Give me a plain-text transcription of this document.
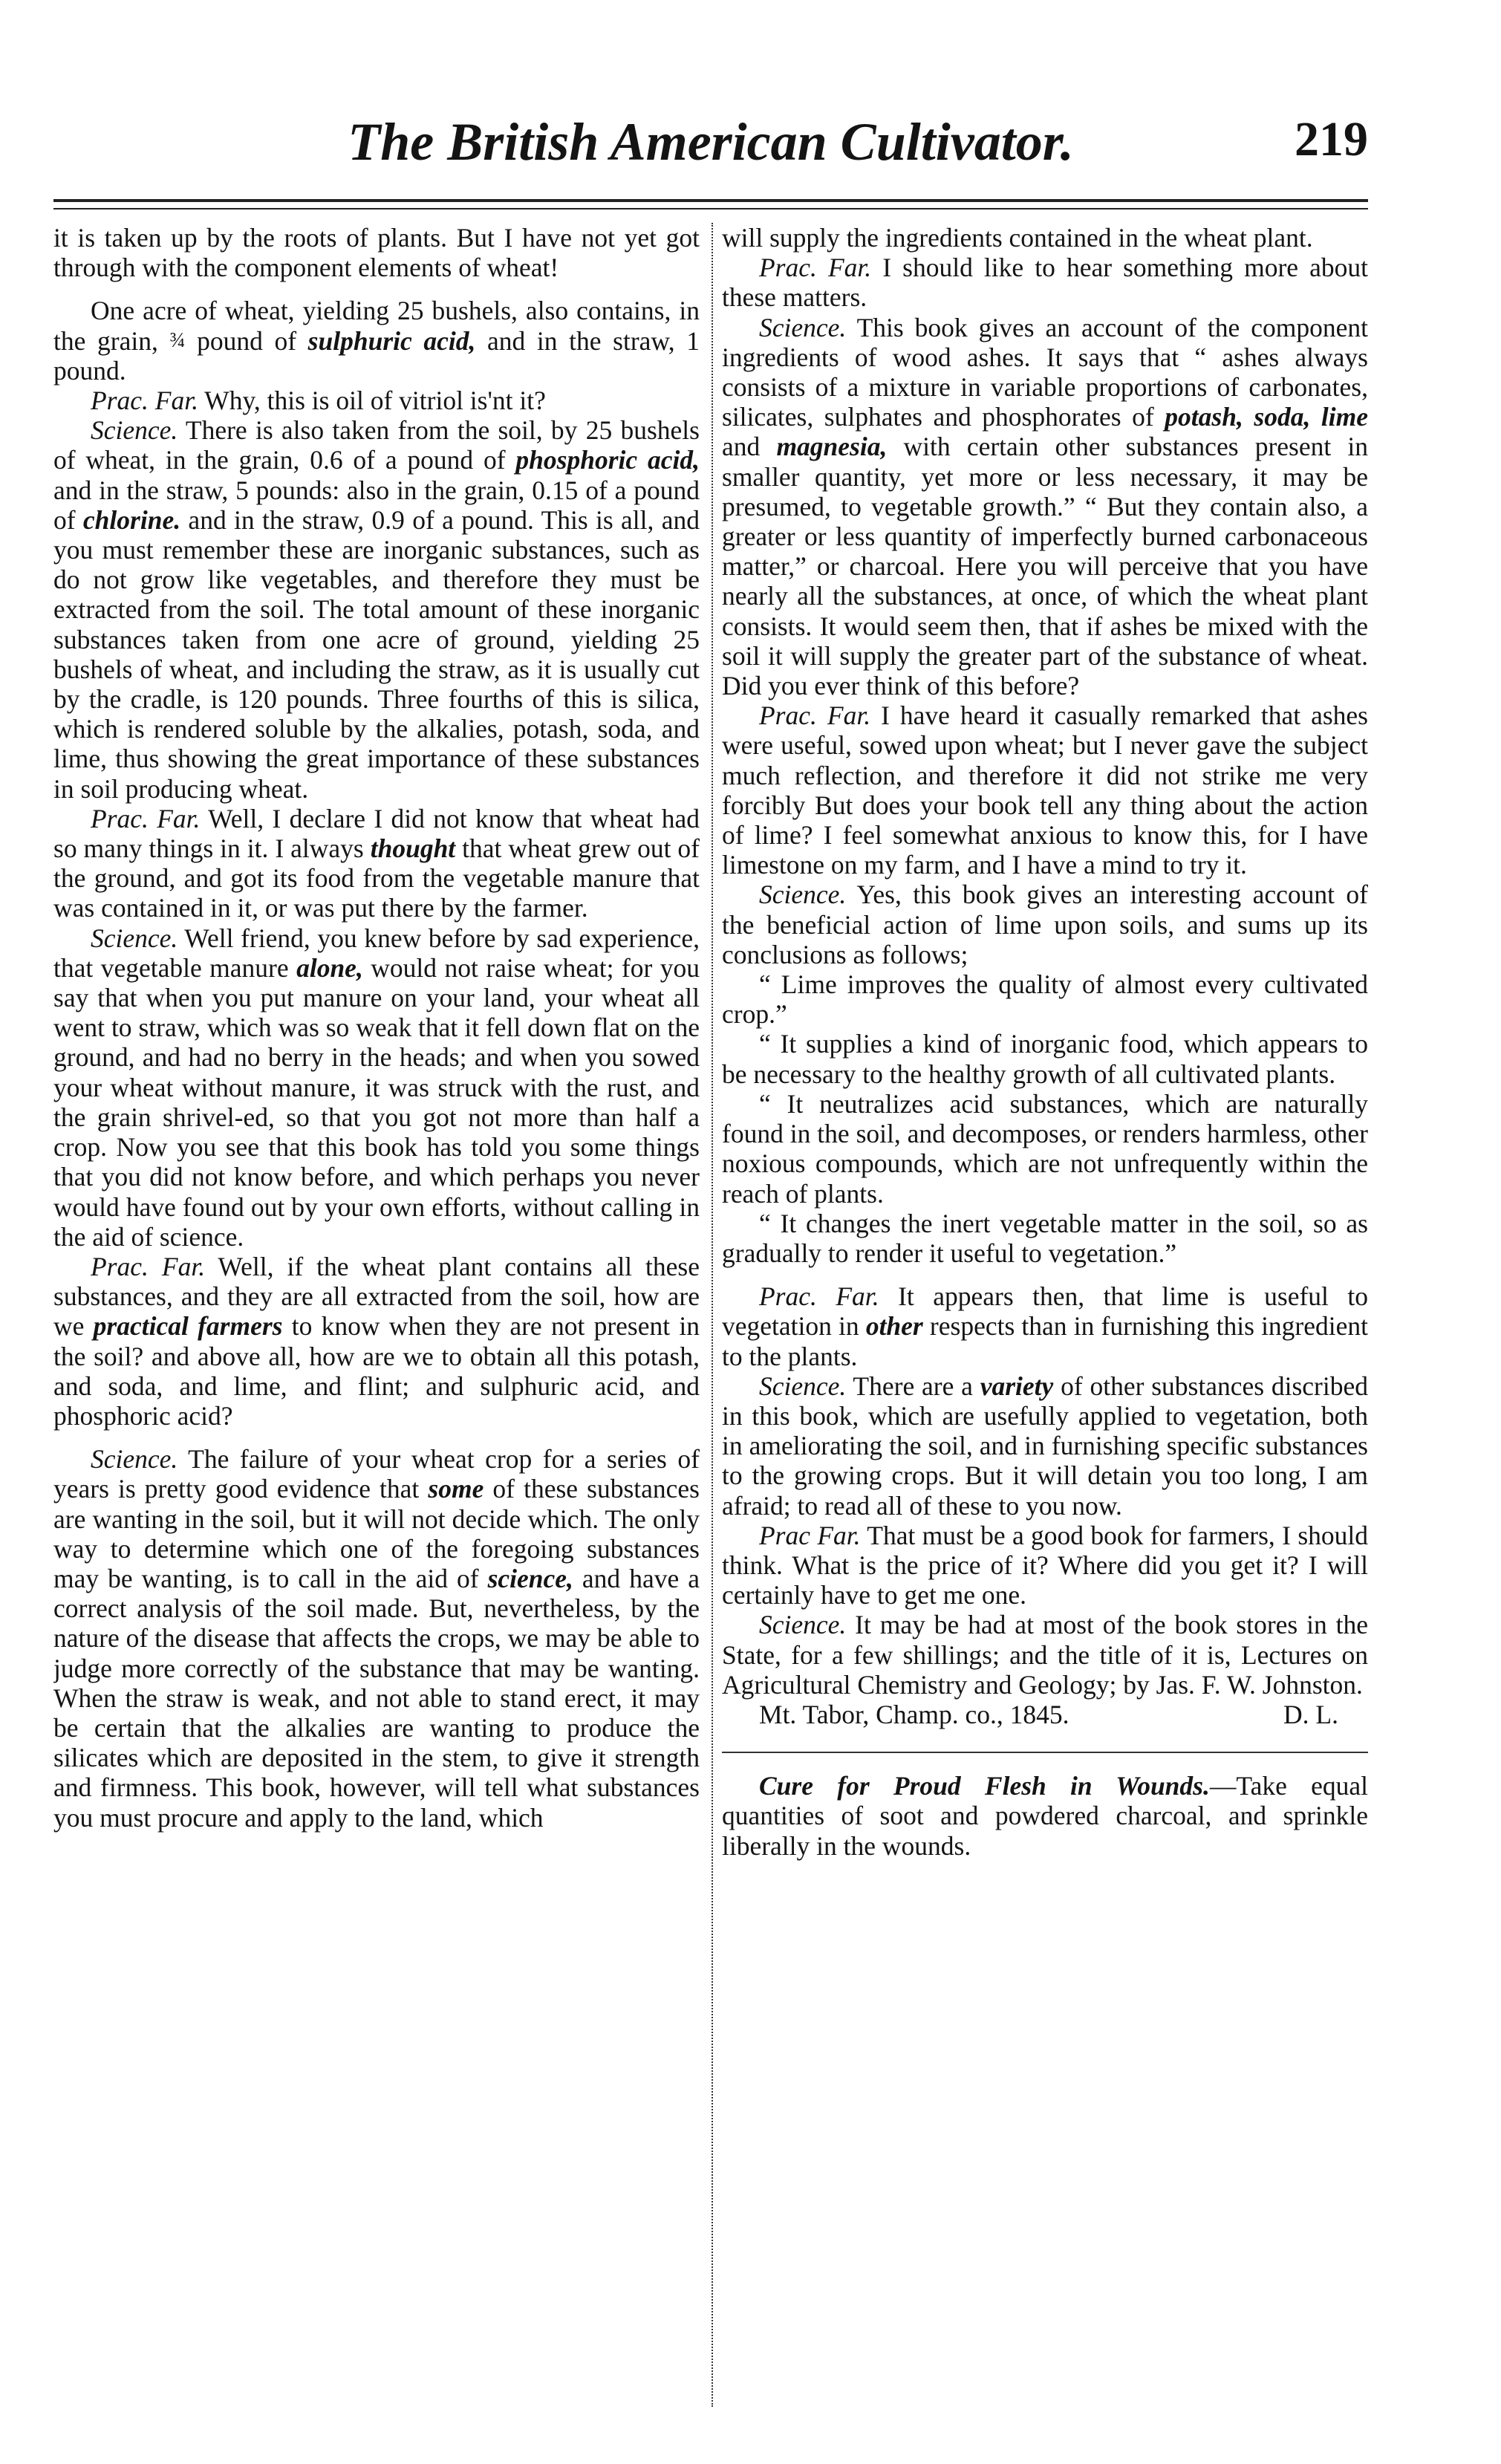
The British American Cultivator.	219

it is taken up by the roots of plants. But I have not yet got through with the component elements of wheat!

One acre of wheat, yielding 25 bushels, also contains, in the grain, $^{\frac{3}{4}}$ pound of sulphuric acid, and in the straw, 1 pound.

Prac. Far. Why, this is oil of vitriol is'nt it?

Science. There is also taken from the soil, by 25 bushels of wheat, in the grain, 0.6 of a pound of phosphoric acid, and in the straw, 5 pounds: also in the grain, 0.15 of a pound of chlorine. and in the straw, 0.9 of a pound. This is all, and you must remember these are inorganic substances, such as do not grow like vegetables, and therefore they must be extracted from the soil. The total amount of these inorganic substances taken from one acre of ground, yielding 25 bushels of wheat, and including the straw, as it is usually cut by the cradle, is 120 pounds. Three fourths of this is silica, which is rendered soluble by the alkalies, potash, soda, and lime, thus showing the great importance of these substances in soil producing wheat.

Prac. Far. Well, I declare I did not know that wheat had so many things in it. I always thought that wheat grew out of the ground, and got its food from the vegetable manure that was contained in it, or was put there by the farmer.

Science. Well friend, you knew before by sad experience, that vegetable manure alone, would not raise wheat; for you say that when you put manure on your land, your wheat all went to straw, which was so weak that it fell down flat on the ground, and had no berry in the heads; and when you sowed your wheat without manure, it was struck with the rust, and the grain shrivel-ed, so that you got not more than half a crop. Now you see that this book has told you some things that you did not know before, and which perhaps you never would have found out by your own efforts, without calling in the aid of science.

Prac. Far. Well, if the wheat plant contains all these substances, and they are all extracted from the soil, how are we practical farmers to know when they are not present in the soil? and above all, how are we to obtain all this potash, and soda, and lime, and flint; and sulphuric acid, and phosphoric acid?

Science. The failure of your wheat crop for a series of years is pretty good evidence that some of these substances are wanting in the soil, but it will not decide which. The only way to determine which one of the foregoing substances may be wanting, is to call in the aid of science, and have a correct analysis of the soil made. But, nevertheless, by the nature of the disease that affects the crops, we may be able to judge more correctly of the substance that may be wanting. When the straw is weak, and not able to stand erect, it may be certain that the alkalies are wanting to produce the silicates which are deposited in the stem, to give it strength and firmness. This book, however, will tell what substances you must procure and apply to the land, which

will supply the ingredients contained in the wheat plant.

Prac. Far. I should like to hear something more about these matters.

Science. This book gives an account of the component ingredients of wood ashes. It says that “ ashes always consists of a mixture in variable proportions of carbonates, silicates, sulphates and phosphorates of potash, soda, lime and magnesia, with certain other substances present in smaller quantity, yet more or less necessary, it may be presumed, to vegetable growth.” “ But they contain also, a greater or less quantity of imperfectly burned carbonaceous matter,” or charcoal. Here you will perceive that you have nearly all the substances, at once, of which the wheat plant consists. It would seem then, that if ashes be mixed with the soil it will supply the greater part of the substance of wheat. Did you ever think of this before?

Prac. Far. I have heard it casually remarked that ashes were useful, sowed upon wheat; but I never gave the subject much reflection, and therefore it did not strike me very forcibly But does your book tell any thing about the action of lime? I feel somewhat anxious to know this, for I have limestone on my farm, and I have a mind to try it.

Science. Yes, this book gives an interesting account of the beneficial action of lime upon soils, and sums up its conclusions as follows;

“ Lime improves the quality of almost every cultivated crop.”

“ It supplies a kind of inorganic food, which appears to be necessary to the healthy growth of all cultivated plants.

“ It neutralizes acid substances, which are naturally found in the soil, and decomposes, or renders harmless, other noxious compounds, which are not unfrequently within the reach of plants.

“ It changes the inert vegetable matter in the soil, so as gradually to render it useful to vegetation.”

Prac. Far. It appears then, that lime is useful to vegetation in other respects than in furnishing this ingredient to the plants.

Science. There are a variety of other substances discribed in this book, which are usefully applied to vegetation, both in ameliorating the soil, and in furnishing specific substances to the growing crops. But it will detain you too long, I am afraid; to read all of these to you now.

Prac Far. That must be a good book for farmers, I should think. What is the price of it? Where did you get it? I will certainly have to get me one.

Science. It may be had at most of the book stores in the State, for a few shillings; and the title of it is, Lectures on Agricultural Chemistry and Geology; by Jas. F. W. Johnston.

Mt. Tabor, Champ. co., 1845.	D. L.

Cure for Proud Flesh in Wounds.—Take equal quantities of soot and powdered charcoal, and sprinkle liberally in the wounds.
